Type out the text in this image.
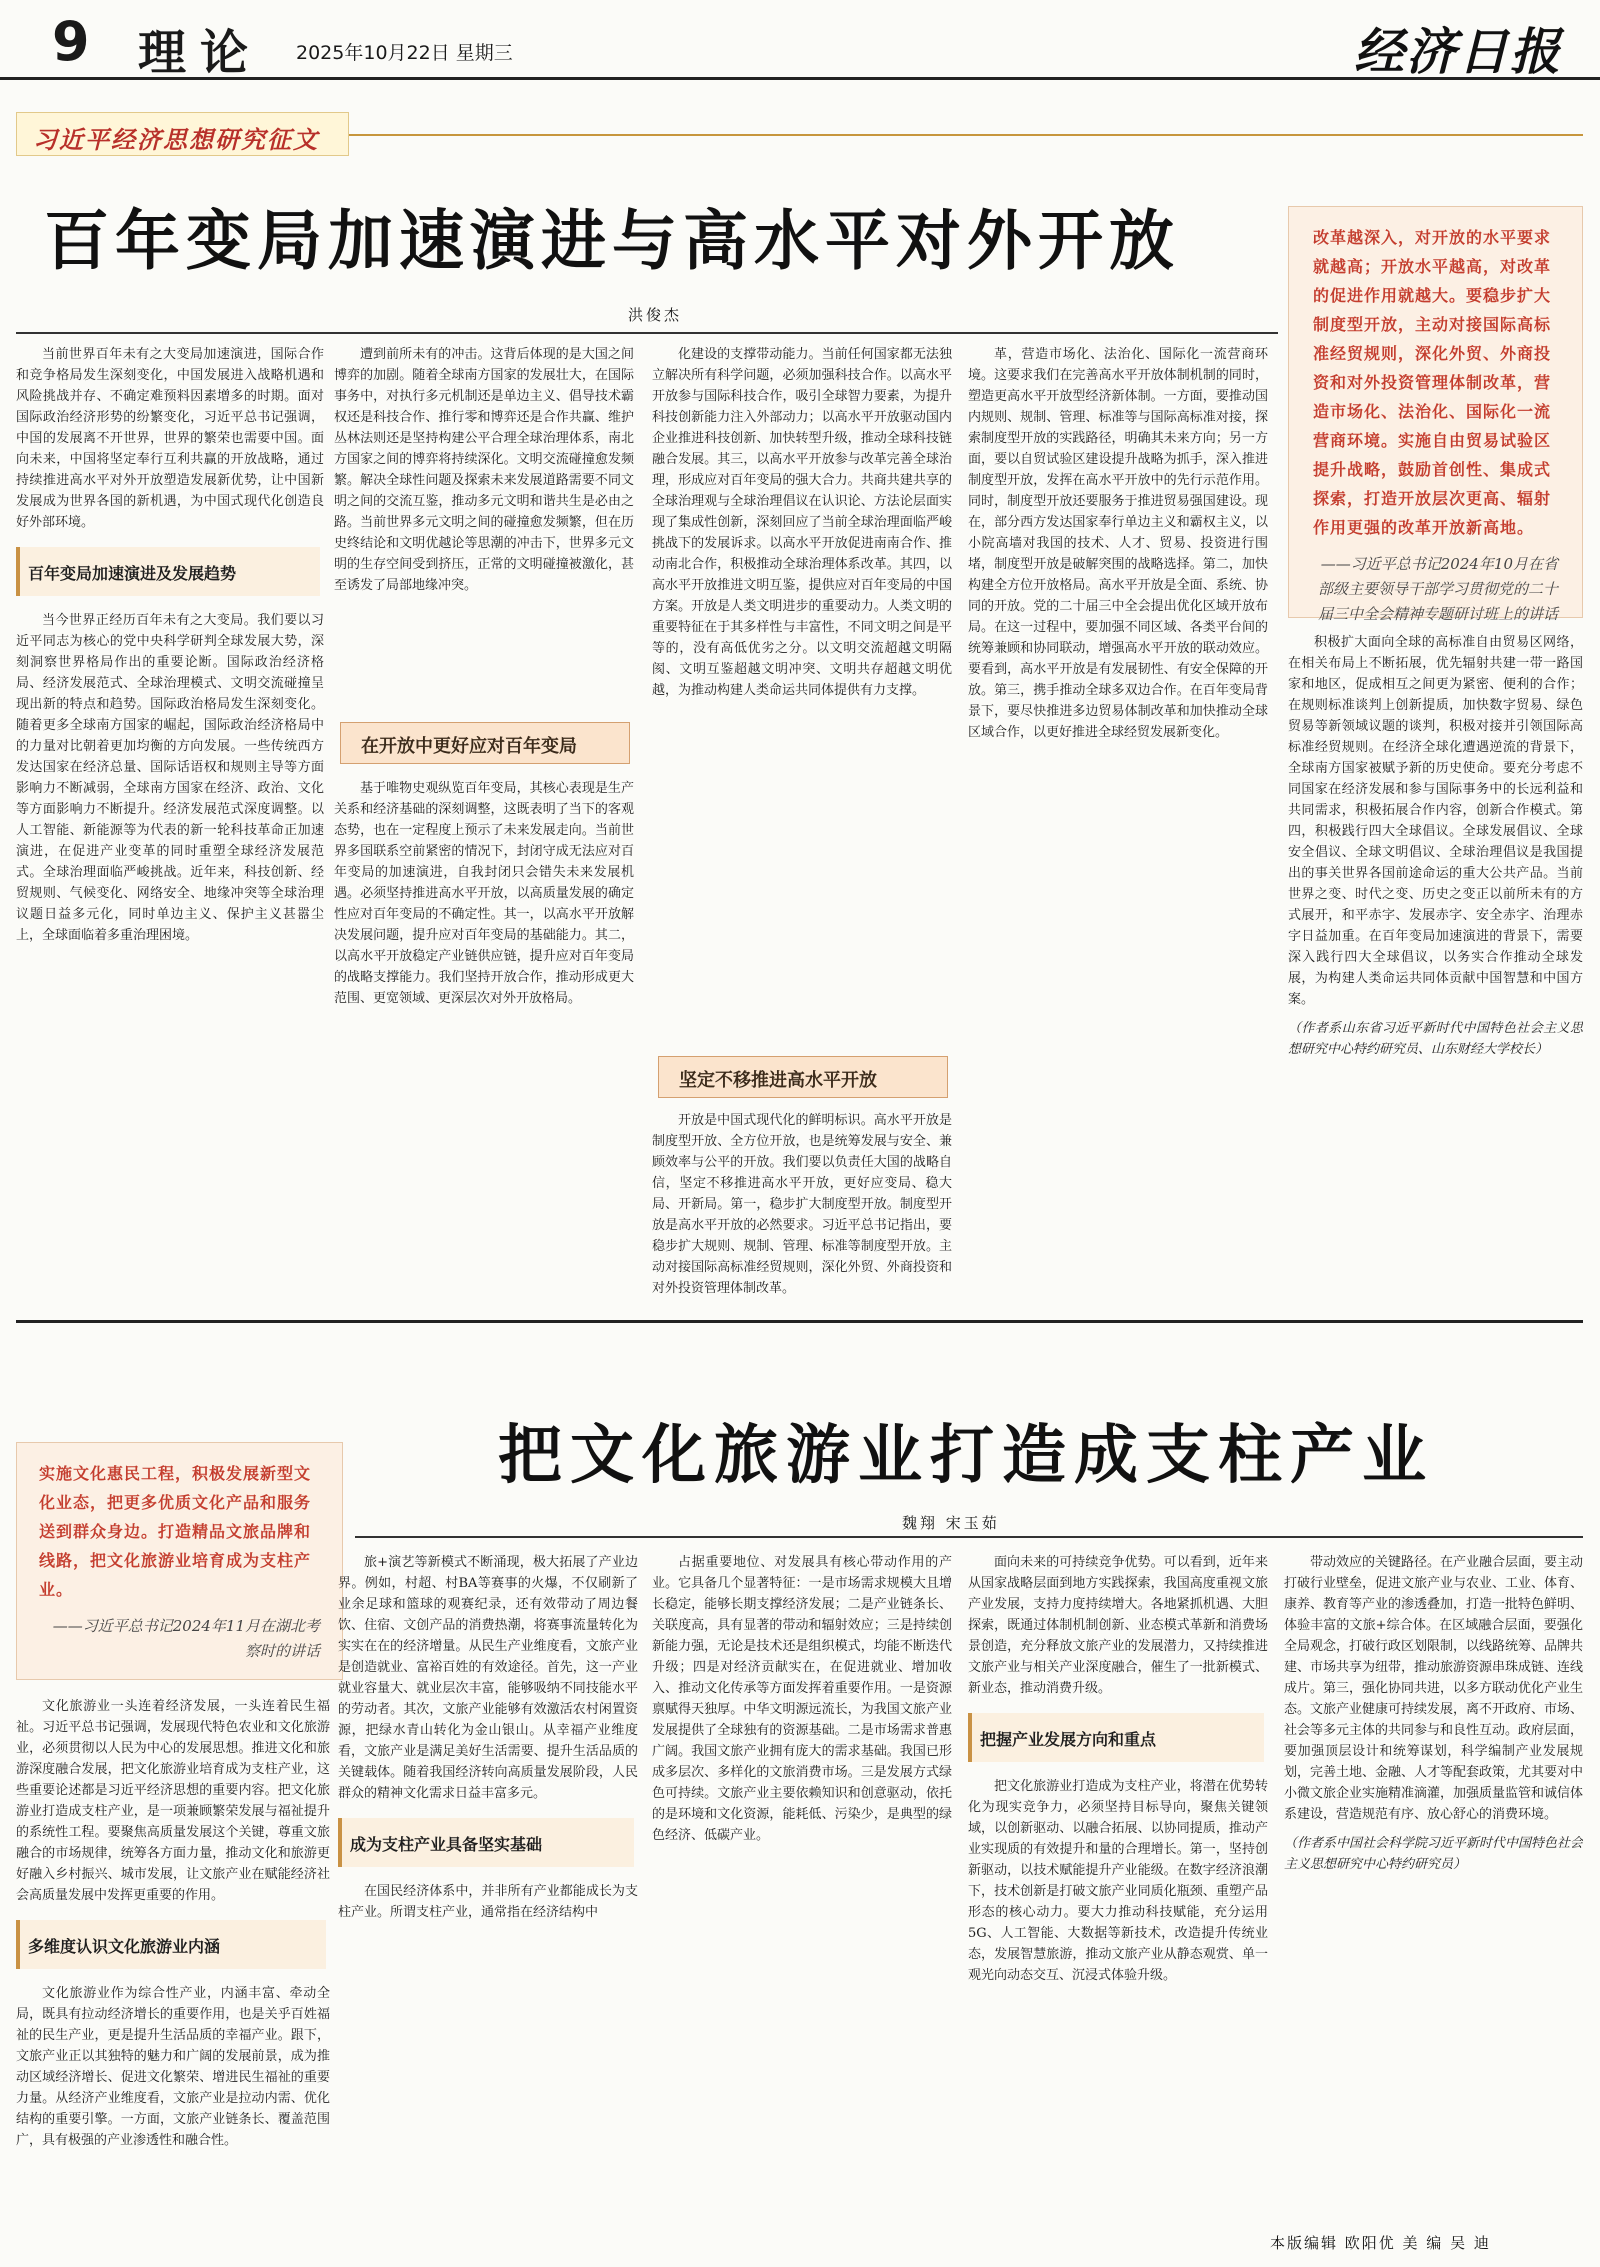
9 理论 2025年10月22日 星期三	经济日报
习近平经济思想研究征文
百年变局加速演进与高水平对外开放
洪俊杰
改革越深入，对开放的水平要求就越高；开放水平越高，对改革的促进作用就越大。要稳步扩大制度型开放，主动对接国际高标准经贸规则，深化外贸、外商投资和对外投资管理体制改革，营造市场化、法治化、国际化一流营商环境。实施自由贸易试验区提升战略，鼓励首创性、集成式探索，打造开放层次更高、辐射作用更强的改革开放新高地。
——习近平总书记2024年10月在省部级主要领导干部学习贯彻党的二十届三中全会精神专题研讨班上的讲话

当前世界百年未有之大变局加速演进，国际合作和竞争格局发生深刻变化，中国发展进入战略机遇和风险挑战并存、不确定难预料因素增多的时期。面对国际政治经济形势的纷繁变化，习近平总书记强调，中国的发展离不开世界，世界的繁荣也需要中国。面向未来，中国将坚定奉行互利共赢的开放战略，通过持续推进高水平对外开放塑造发展新优势，让中国新发展成为世界各国的新机遇，为中国式现代化创造良好外部环境。

百年变局加速演进及发展趋势

当今世界正经历百年未有之大变局。我们要以习近平同志为核心的党中央科学研判全球发展大势，深刻洞察世界格局作出的重要论断。国际政治经济格局、经济发展范式、全球治理模式、文明交流碰撞呈现出新的特点和趋势。国际政治格局发生深刻变化。随着更多全球南方国家的崛起，国际政治经济格局中的力量对比朝着更加均衡的方向发展。一些传统西方发达国家在经济总量、国际话语权和规则主导等方面影响力不断减弱，全球南方国家在经济、政治、文化等方面影响力不断提升。经济发展范式深度调整。以人工智能、新能源等为代表的新一轮科技革命正加速演进，在促进产业变革的同时重塑全球经济发展范式。全球治理面临严峻挑战。近年来，科技创新、经贸规则、气候变化、网络安全、地缘冲突等全球治理议题日益多元化，同时单边主义、保护主义甚嚣尘上，全球面临着多重治理困境。

遭到前所未有的冲击。这背后体现的是大国之间博弈的加剧。随着全球南方国家的发展壮大，在国际事务中，对执行多元机制还是单边主义、倡导技术霸权还是科技合作、推行零和博弈还是合作共赢、维护丛林法则还是坚持构建公平合理全球治理体系，南北方国家之间的博弈将持续深化。文明交流碰撞愈发频繁。解决全球性问题及探索未来发展道路需要不同文明之间的交流互鉴，推动多元文明和谐共生是必由之路。当前世界多元文明之间的碰撞愈发频繁，但在历史终结论和文明优越论等思潮的冲击下，世界多元文明的生存空间受到挤压，正常的文明碰撞被激化，甚至诱发了局部地缘冲突。

在开放中更好应对百年变局

基于唯物史观纵览百年变局，其核心表现是生产关系和经济基础的深刻调整，这既表明了当下的客观态势，也在一定程度上预示了未来发展走向。当前世界多国联系空前紧密的情况下，封闭守成无法应对百年变局的加速演进，自我封闭只会错失未来发展机遇。必须坚持推进高水平开放，以高质量发展的确定性应对百年变局的不确定性。其一，以高水平开放解决发展问题，提升应对百年变局的基础能力。其二，以高水平开放稳定产业链供应链，提升应对百年变局的战略支撑能力。我们坚持开放合作，推动形成更大范围、更宽领域、更深层次对外开放格局。

化建设的支撑带动能力。当前任何国家都无法独立解决所有科学问题，必须加强科技合作。以高水平开放参与国际科技合作，吸引全球智力要素，为提升科技创新能力注入外部动力；以高水平开放驱动国内企业推进科技创新、加快转型升级，推动全球科技链融合发展。其三，以高水平开放参与改革完善全球治理，形成应对百年变局的强大合力。共商共建共享的全球治理观与全球治理倡议在认识论、方法论层面实现了集成性创新，深刻回应了当前全球治理面临严峻挑战下的发展诉求。以高水平开放促进南南合作、推动南北合作，积极推动全球治理体系改革。其四，以高水平开放推进文明互鉴，提供应对百年变局的中国方案。开放是人类文明进步的重要动力。人类文明的重要特征在于其多样性与丰富性，不同文明之间是平等的，没有高低优劣之分。以文明交流超越文明隔阂、文明互鉴超越文明冲突、文明共存超越文明优越，为推动构建人类命运共同体提供有力支撑。

坚定不移推进高水平开放

开放是中国式现代化的鲜明标识。高水平开放是制度型开放、全方位开放，也是统筹发展与安全、兼顾效率与公平的开放。我们要以负责任大国的战略自信，坚定不移推进高水平开放，更好应变局、稳大局、开新局。第一，稳步扩大制度型开放。制度型开放是高水平开放的必然要求。习近平总书记指出，要稳步扩大规则、规制、管理、标准等制度型开放。主动对接国际高标准经贸规则，深化外贸、外商投资和对外投资管理体制改革。

革，营造市场化、法治化、国际化一流营商环境。这要求我们在完善高水平开放体制机制的同时，塑造更高水平开放型经济新体制。一方面，要推动国内规则、规制、管理、标准等与国际高标准对接，探索制度型开放的实践路径，明确其未来方向；另一方面，要以自贸试验区建设提升战略为抓手，深入推进制度型开放，发挥在高水平开放中的先行示范作用。同时，制度型开放还要服务于推进贸易强国建设。现在，部分西方发达国家奉行单边主义和霸权主义，以小院高墙对我国的技术、人才、贸易、投资进行围堵，制度型开放是破解突围的战略选择。第二，加快构建全方位开放格局。高水平开放是全面、系统、协同的开放。党的二十届三中全会提出优化区域开放布局。在这一过程中，要加强不同区域、各类平台间的统筹兼顾和协同联动，增强高水平开放的联动效应。要看到，高水平开放是有发展韧性、有安全保障的开放。第三，携手推动全球多双边合作。在百年变局背景下，要尽快推进多边贸易体制改革和加快推动全球区域合作，以更好推进全球经贸发展新变化。

积极扩大面向全球的高标准自由贸易区网络，在相关布局上不断拓展，优先辐射共建一带一路国家和地区，促成相互之间更为紧密、便利的合作；在规则标准谈判上创新提质，加快数字贸易、绿色贸易等新领域议题的谈判，积极对接并引领国际高标准经贸规则。在经济全球化遭遇逆流的背景下，全球南方国家被赋予新的历史使命。要充分考虑不同国家在经济发展和参与国际事务中的长远利益和共同需求，积极拓展合作内容，创新合作模式。第四，积极践行四大全球倡议。全球发展倡议、全球安全倡议、全球文明倡议、全球治理倡议是我国提出的事关世界各国前途命运的重大公共产品。当前世界之变、时代之变、历史之变正以前所未有的方式展开，和平赤字、发展赤字、安全赤字、治理赤字日益加重。在百年变局加速演进的背景下，需要深入践行四大全球倡议，以务实合作推动全球发展，为构建人类命运共同体贡献中国智慧和中国方案。

（作者系山东省习近平新时代中国特色社会主义思想研究中心特约研究员、山东财经大学校长）

实施文化惠民工程，积极发展新型文化业态，把更多优质文化产品和服务送到群众身边。打造精品文旅品牌和线路，把文化旅游业培育成为支柱产业。
——习近平总书记2024年11月在湖北考察时的讲话
把文化旅游业打造成支柱产业
魏翔 宋玉茹

文化旅游业一头连着经济发展，一头连着民生福祉。习近平总书记强调，发展现代特色农业和文化旅游业，必须贯彻以人民为中心的发展思想。推进文化和旅游深度融合发展，把文化旅游业培育成为支柱产业，这些重要论述都是习近平经济思想的重要内容。把文化旅游业打造成支柱产业，是一项兼顾繁荣发展与福祉提升的系统性工程。要聚焦高质量发展这个关键，尊重文旅融合的市场规律，统筹各方面力量，推动文化和旅游更好融入乡村振兴、城市发展，让文旅产业在赋能经济社会高质量发展中发挥更重要的作用。

多维度认识文化旅游业内涵

文化旅游业作为综合性产业，内涵丰富、牵动全局，既具有拉动经济增长的重要作用，也是关乎百姓福祉的民生产业，更是提升生活品质的幸福产业。跟下，文旅产业正以其独特的魅力和广阔的发展前景，成为推动区域经济增长、促进文化繁荣、增进民生福祉的重要力量。从经济产业维度看，文旅产业是拉动内需、优化结构的重要引擎。一方面，文旅产业链条长、覆盖范围广，具有极强的产业渗透性和融合性。

旅+演艺等新模式不断涌现，极大拓展了产业边界。例如，村超、村BA等赛事的火爆，不仅刷新了业余足球和篮球的观赛纪录，还有效带动了周边餐饮、住宿、文创产品的消费热潮，将赛事流量转化为实实在在的经济增量。从民生产业维度看，文旅产业是创造就业、富裕百姓的有效途径。首先，这一产业就业容量大、就业层次丰富，能够吸纳不同技能水平的劳动者。其次，文旅产业能够有效激活农村闲置资源，把绿水青山转化为金山银山。从幸福产业维度看，文旅产业是满足美好生活需要、提升生活品质的关键载体。随着我国经济转向高质量发展阶段，人民群众的精神文化需求日益丰富多元。

成为支柱产业具备坚实基础

在国民经济体系中，并非所有产业都能成长为支柱产业。所谓支柱产业，通常指在经济结构中

占据重要地位、对发展具有核心带动作用的产业。它具备几个显著特征：一是市场需求规模大且增长稳定，能够长期支撑经济发展；二是产业链条长、关联度高，具有显著的带动和辐射效应；三是持续创新能力强，无论是技术还是组织模式，均能不断迭代升级；四是对经济贡献实在，在促进就业、增加收入、推动文化传承等方面发挥着重要作用。一是资源禀赋得天独厚。中华文明源远流长，为我国文旅产业发展提供了全球独有的资源基础。二是市场需求普惠广阔。我国文旅产业拥有庞大的需求基础。我国已形成多层次、多样化的文旅消费市场。三是发展方式绿色可持续。文旅产业主要依赖知识和创意驱动，依托的是环境和文化资源，能耗低、污染少，是典型的绿色经济、低碳产业。

面向未来的可持续竞争优势。可以看到，近年来从国家战略层面到地方实践探索，我国高度重视文旅产业发展，支持力度持续增大。各地紧抓机遇、大胆探索，既通过体制机制创新、业态模式革新和消费场景创造，充分释放文旅产业的发展潜力，又持续推进文旅产业与相关产业深度融合，催生了一批新模式、新业态，推动消费升级。

把握产业发展方向和重点

把文化旅游业打造成为支柱产业，将潜在优势转化为现实竞争力，必须坚持目标导向，聚焦关键领域，以创新驱动、以融合拓展、以协同提质，推动产业实现质的有效提升和量的合理增长。第一，坚持创新驱动，以技术赋能提升产业能级。在数字经济浪潮下，技术创新是打破文旅产业同质化瓶颈、重塑产品形态的核心动力。要大力推动科技赋能，充分运用5G、人工智能、大数据等新技术，改造提升传统业态，发展智慧旅游，推动文旅产业从静态观赏、单一观光向动态交互、沉浸式体验升级。

带动效应的关键路径。在产业融合层面，要主动打破行业壁垒，促进文旅产业与农业、工业、体育、康养、教育等产业的渗透叠加，打造一批特色鲜明、体验丰富的文旅+综合体。在区域融合层面，要强化全局观念，打破行政区划限制，以线路统筹、品牌共建、市场共享为纽带，推动旅游资源串珠成链、连线成片。第三，强化协同共进，以多方联动优化产业生态。文旅产业健康可持续发展，离不开政府、市场、社会等多元主体的共同参与和良性互动。政府层面，要加强顶层设计和统筹谋划，科学编制产业发展规划，完善土地、金融、人才等配套政策，尤其要对中小微文旅企业实施精准滴灌，加强质量监管和诚信体系建设，营造规范有序、放心舒心的消费环境。

（作者系中国社会科学院习近平新时代中国特色社会主义思想研究中心特约研究员）

本版编辑 欧阳优 美 编 吴 迪
